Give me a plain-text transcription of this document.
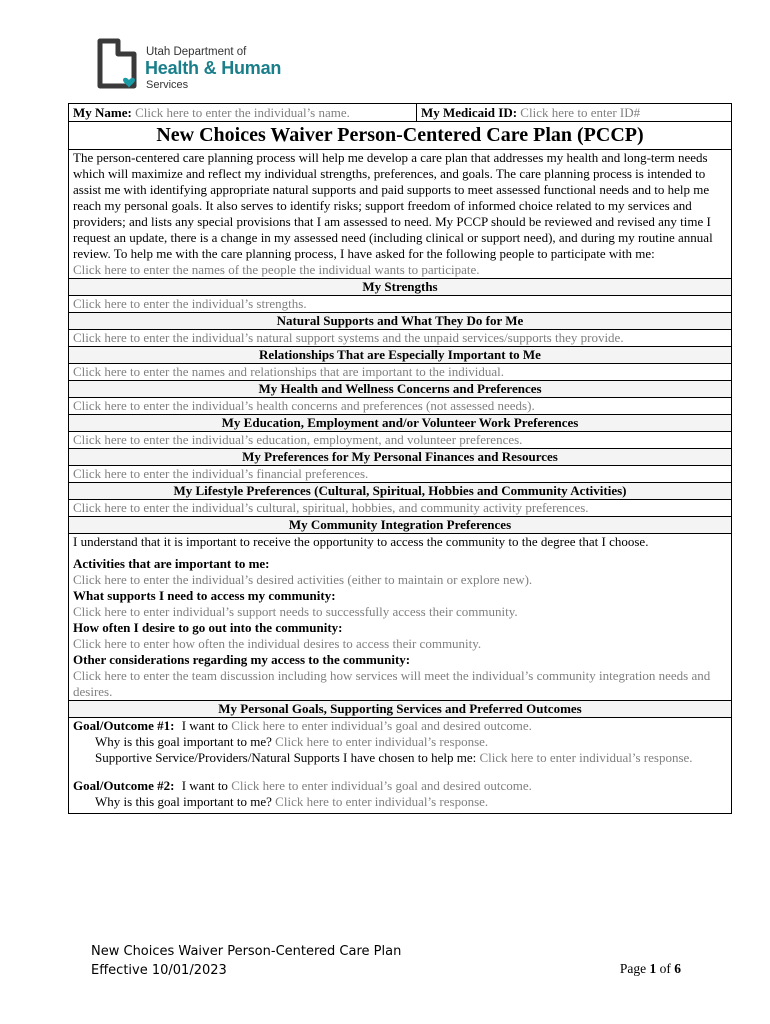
Utah Department of
Health & Human
Services
My Name: Click here to enter the individual’s name.	My Medicaid ID: Click here to enter ID#
New Choices Waiver Person-Centered Care Plan (PCCP)
The person-centered care planning process will help me develop a care plan that addresses my health and long-term needs which will maximize and reflect my individual strengths, preferences, and goals. The care planning process is intended to assist me with identifying appropriate natural supports and paid supports to meet assessed functional needs and to help me reach my personal goals. It also serves to identify risks; support freedom of informed choice related to my services and providers; and lists any special provisions that I am assessed to need. My PCCP should be reviewed and revised any time I request an update, there is a change in my assessed need (including clinical or support need), and during my routine annual review. To help me with the care planning process, I have asked for the following people to participate with me:
Click here to enter the names of the people the individual wants to participate.
My Strengths
Click here to enter the individual’s strengths.
Natural Supports and What They Do for Me
Click here to enter the individual’s natural support systems and the unpaid services/supports they provide.
Relationships That are Especially Important to Me
Click here to enter the names and relationships that are important to the individual.
My Health and Wellness Concerns and Preferences
Click here to enter the individual’s health concerns and preferences (not assessed needs).
My Education, Employment and/or Volunteer Work Preferences
Click here to enter the individual’s education, employment, and volunteer preferences.
My Preferences for My Personal Finances and Resources
Click here to enter the individual’s financial preferences.
My Lifestyle Preferences (Cultural, Spiritual, Hobbies and Community Activities)
Click here to enter the individual’s cultural, spiritual, hobbies, and community activity preferences.
My Community Integration Preferences
I understand that it is important to receive the opportunity to access the community to the degree that I choose.
Activities that are important to me:
Click here to enter the individual’s desired activities (either to maintain or explore new).
What supports I need to access my community:
Click here to enter individual’s support needs to successfully access their community.
How often I desire to go out into the community:
Click here to enter how often the individual desires to access their community.
Other considerations regarding my access to the community:
Click here to enter the team discussion including how services will meet the individual’s community integration needs and desires.
My Personal Goals, Supporting Services and Preferred Outcomes
Goal/Outcome #1: I want to Click here to enter individual’s goal and desired outcome.
Why is this goal important to me? Click here to enter individual’s response.
Supportive Service/Providers/Natural Supports I have chosen to help me: Click here to enter individual’s response.
Goal/Outcome #2: I want to Click here to enter individual’s goal and desired outcome.
Why is this goal important to me? Click here to enter individual’s response.
New Choices Waiver Person-Centered Care Plan
Effective 10/01/2023	Page 1 of 6
